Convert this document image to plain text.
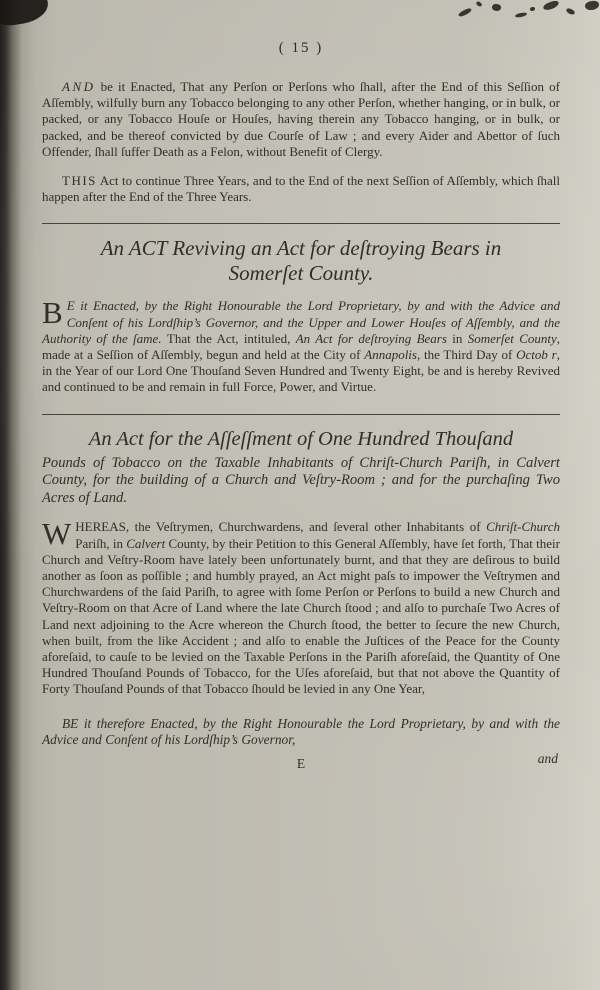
( 15 )

AND be it Enacted, That any Perſon or Perſons who ſhall, after the End of this Seſſion of Aſſembly, wilfully burn any Tobacco belonging to any other Perſon, whether hanging, or in bulk, or packed, or any Tobacco Houſe or Houſes, having therein any Tobacco hanging, or in bulk, or packed, and be thereof convicted by due Courſe of Law ; and every Aider and Abettor of ſuch Offender, ſhall ſuffer Death as a Felon, without Benefit of Clergy.

THIS Act to continue Three Years, and to the End of the next Seſſion of Aſſembly, which ſhall happen after the End of the Three Years.

An ACT Reviving an Act for deſtroying Bears in
Somerſet County.

B E it Enacted, by the Right Honourable the Lord Proprietary, by and with the Advice and Conſent of his Lordſhip’s Governor, and the Upper and Lower Houſes of Aſſembly, and the Authority of the ſame. That the Act, intituled, An Act for deſtroying Bears in Somerſet County, made at a Seſſion of Aſſembly, begun and held at the City of Annapolis, the Third Day of Octob r, in the Year of our Lord One Thouſand Seven Hundred and Twenty Eight, be and is hereby Revived and continued to be and remain in full Force, Power, and Virtue.

An Act for the Aſſeſſment of One Hundred Thouſand
Pounds of Tobacco on the Taxable Inhabitants of Chriſt-Church Pariſh, in Calvert County, for the building of a Church and Veſtry-Room ; and for the purchaſing Two Acres of Land.

WHEREAS, the Veſtrymen, Churchwardens, and ſeveral other Inhabitants of Chriſt-Church Pariſh, in Calvert County, by their Petition to this General Aſſembly, have ſet forth, That their Church and Veſtry-Room have lately been unfortunately burnt, and that they are deſirous to build another as ſoon as poſſible ; and humbly prayed, an Act might paſs to impower the Veſtrymen and Churchwardens of the ſaid Pariſh, to agree with ſome Perſon or Perſons to build a new Church and Veſtry-Room on that Acre of Land where the late Church ſtood ; and alſo to purchaſe Two Acres of Land next adjoining to the Acre whereon the Church ſtood, the better to ſecure the new Church, when built, from the like Accident ; and alſo to enable the Juſtices of the Peace for the County aforeſaid, to cauſe to be levied on the Taxable Perſons in the Pariſh aforeſaid, the Quantity of One Hundred Thouſand Pounds of Tobacco, for the Uſes aforeſaid, but that not above the Quantity of Forty Thouſand Pounds of that Tobacco ſhould be levied in any One Year,

BE it therefore Enacted, by the Right Honourable the Lord Proprietary, by and with the Advice and Conſent of his Lordſhip’s Governor,

E	and
